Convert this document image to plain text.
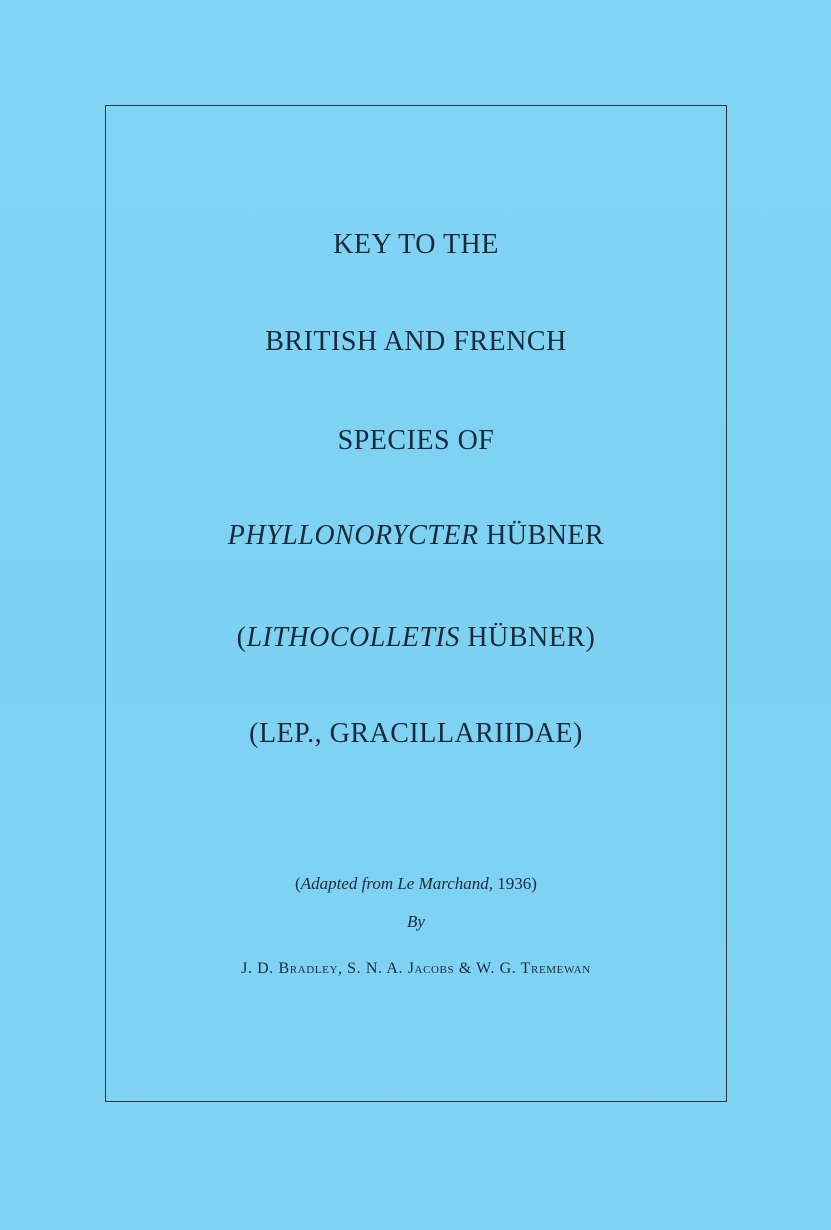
KEY TO THE
BRITISH AND FRENCH
SPECIES OF
PHYLLONORYCTER HÜBNER
(LITHOCOLLETIS HÜBNER)
(LEP., GRACILLARIIDAE)
(Adapted from Le Marchand, 1936)
By
J. D. Bradley, S. N. A. Jacobs & W. G. Tremewan
